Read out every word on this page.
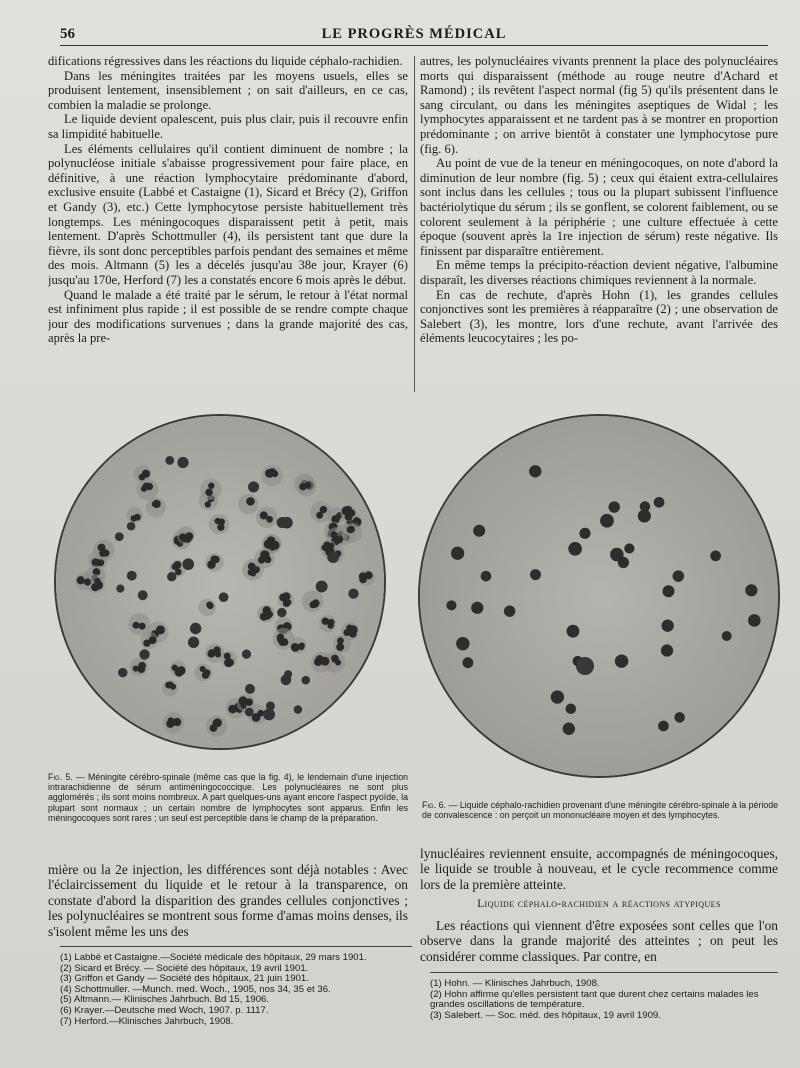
56	LE PROGRÈS MÉDICAL

difications régressives dans les réactions du liquide céphalo-rachidien.

Dans les méningites traitées par les moyens usuels, elles se produisent lentement, insensiblement ; on sait d'ailleurs, en ce cas, combien la maladie se prolonge.

Le liquide devient opalescent, puis plus clair, puis il recouvre enfin sa limpidité habituelle.

Les éléments cellulaires qu'il contient diminuent de nombre ; la polynucléose initiale s'abaisse progressivement pour faire place, en définitive, à une réaction lymphocytaire prédominante d'abord, exclusive ensuite (Labbé et Castaigne (1), Sicard et Brécy (2), Griffon et Gandy (3), etc.) Cette lymphocytose persiste habituellement très longtemps. Les méningocoques disparaissent petit à petit, mais lentement. D'après Schottmuller (4), ils persistent tant que dure la fièvre, ils sont donc perceptibles parfois pendant des semaines et même des mois. Altmann (5) les a décelés jusqu'au 38e jour, Krayer (6) jusqu'au 170e, Herford (7) les a constatés encore 6 mois après le début.

Quand le malade a été traité par le sérum, le retour à l'état normal est infiniment plus rapide ; il est possible de se rendre compte chaque jour des modifications survenues ; dans la grande majorité des cas, après la pre-

autres, les polynucléaires vivants prennent la place des polynucléaires morts qui disparaissent (méthode au rouge neutre d'Achard et Ramond) ; ils revêtent l'aspect normal (fig 5) qu'ils présentent dans le sang circulant, ou dans les méningites aseptiques de Widal ; les lymphocytes apparaissent et ne tardent pas à se montrer en proportion prédominante ; on arrive bientôt à constater une lymphocytose pure (fig. 6).

Au point de vue de la teneur en méningocoques, on note d'abord la diminution de leur nombre (fig. 5) ; ceux qui étaient extra-cellulaires sont inclus dans les cellules ; tous ou la plupart subissent l'influence bactériolytique du sérum ; ils se gonflent, se colorent faiblement, ou se colorent seulement à la périphérie ; une culture effectuée à cette époque (souvent après la 1re injection de sérum) reste négative. Ils finissent par disparaître entièrement.

En même temps la précipito-réaction devient négative, l'albumine disparaît, les diverses réactions chimiques reviennent à la normale.

En cas de rechute, d'après Hohn (1), les grandes cellules conjonctives sont les premières à réapparaître (2) ; une observation de Salebert (3), les montre, lors d'une rechute, avant l'arrivée des éléments leucocytaires ; les po-

Fig. 5. — Méningite cérébro-spinale (même cas que la fig. 4), le lendemain d'une injection intrarachidienne de sérum antiméningococcique. Les polynucléaires ne sont plus agglomérés ; ils sont moins nombreux. A part quelques-uns ayant encore l'aspect pyoïde, la plupart sont normaux ; un certain nombre de lymphocytes sont apparus. Enfin les méningocoques sont rares ; un seul est perceptible dans le champ de la préparation.
Fig. 6. — Liquide céphalo-rachidien provenant d'une méningite cérébro-spinale à la période de convalescence : on perçoit un mononucléaire moyen et des lymphocytes.

mière ou la 2e injection, les différences sont déjà notables : Avec l'éclaircissement du liquide et le retour à la transparence, on constate d'abord la disparition des grandes cellules conjonctives ; les polynucléaires se montrent sous forme d'amas moins denses, ils s'isolent même les uns des

lynucléaires reviennent ensuite, accompagnés de méningocoques, le liquide se trouble à nouveau, et le cycle recommence comme lors de la première atteinte.

Liquide céphalo-rachidien a réactions atypiques

Les réactions qui viennent d'être exposées sont celles que l'on observe dans la grande majorité des atteintes ; on peut les considérer comme classiques. Par contre, en

(1) Labbé et Castaigne.—Société médicale des hôpitaux, 29 mars 1901.
(2) Sicard et Brécy. — Société des hôpitaux, 19 avril 1901.
(3) Griffon et Gandy — Société des hôpitaux, 21 juin 1901.
(4) Schottmuller. —Munch. med. Woch., 1905, nos 34, 35 et 36.
(5) Altmann.— Klinisches Jahrbuch. Bd 15, 1906.
(6) Krayer.—Deutsche med Woch, 1907. p. 1117.
(7) Herford.—Klinisches Jahrbuch, 1908.
(1) Hohn. — Klinisches Jahrbuch, 1908.
(2) Hohn affirme qu'elles persistent tant que durent chez certains malades les grandes oscillations de température.
(3) Salebert. — Soc. méd. des hôpitaux, 19 avril 1909.
